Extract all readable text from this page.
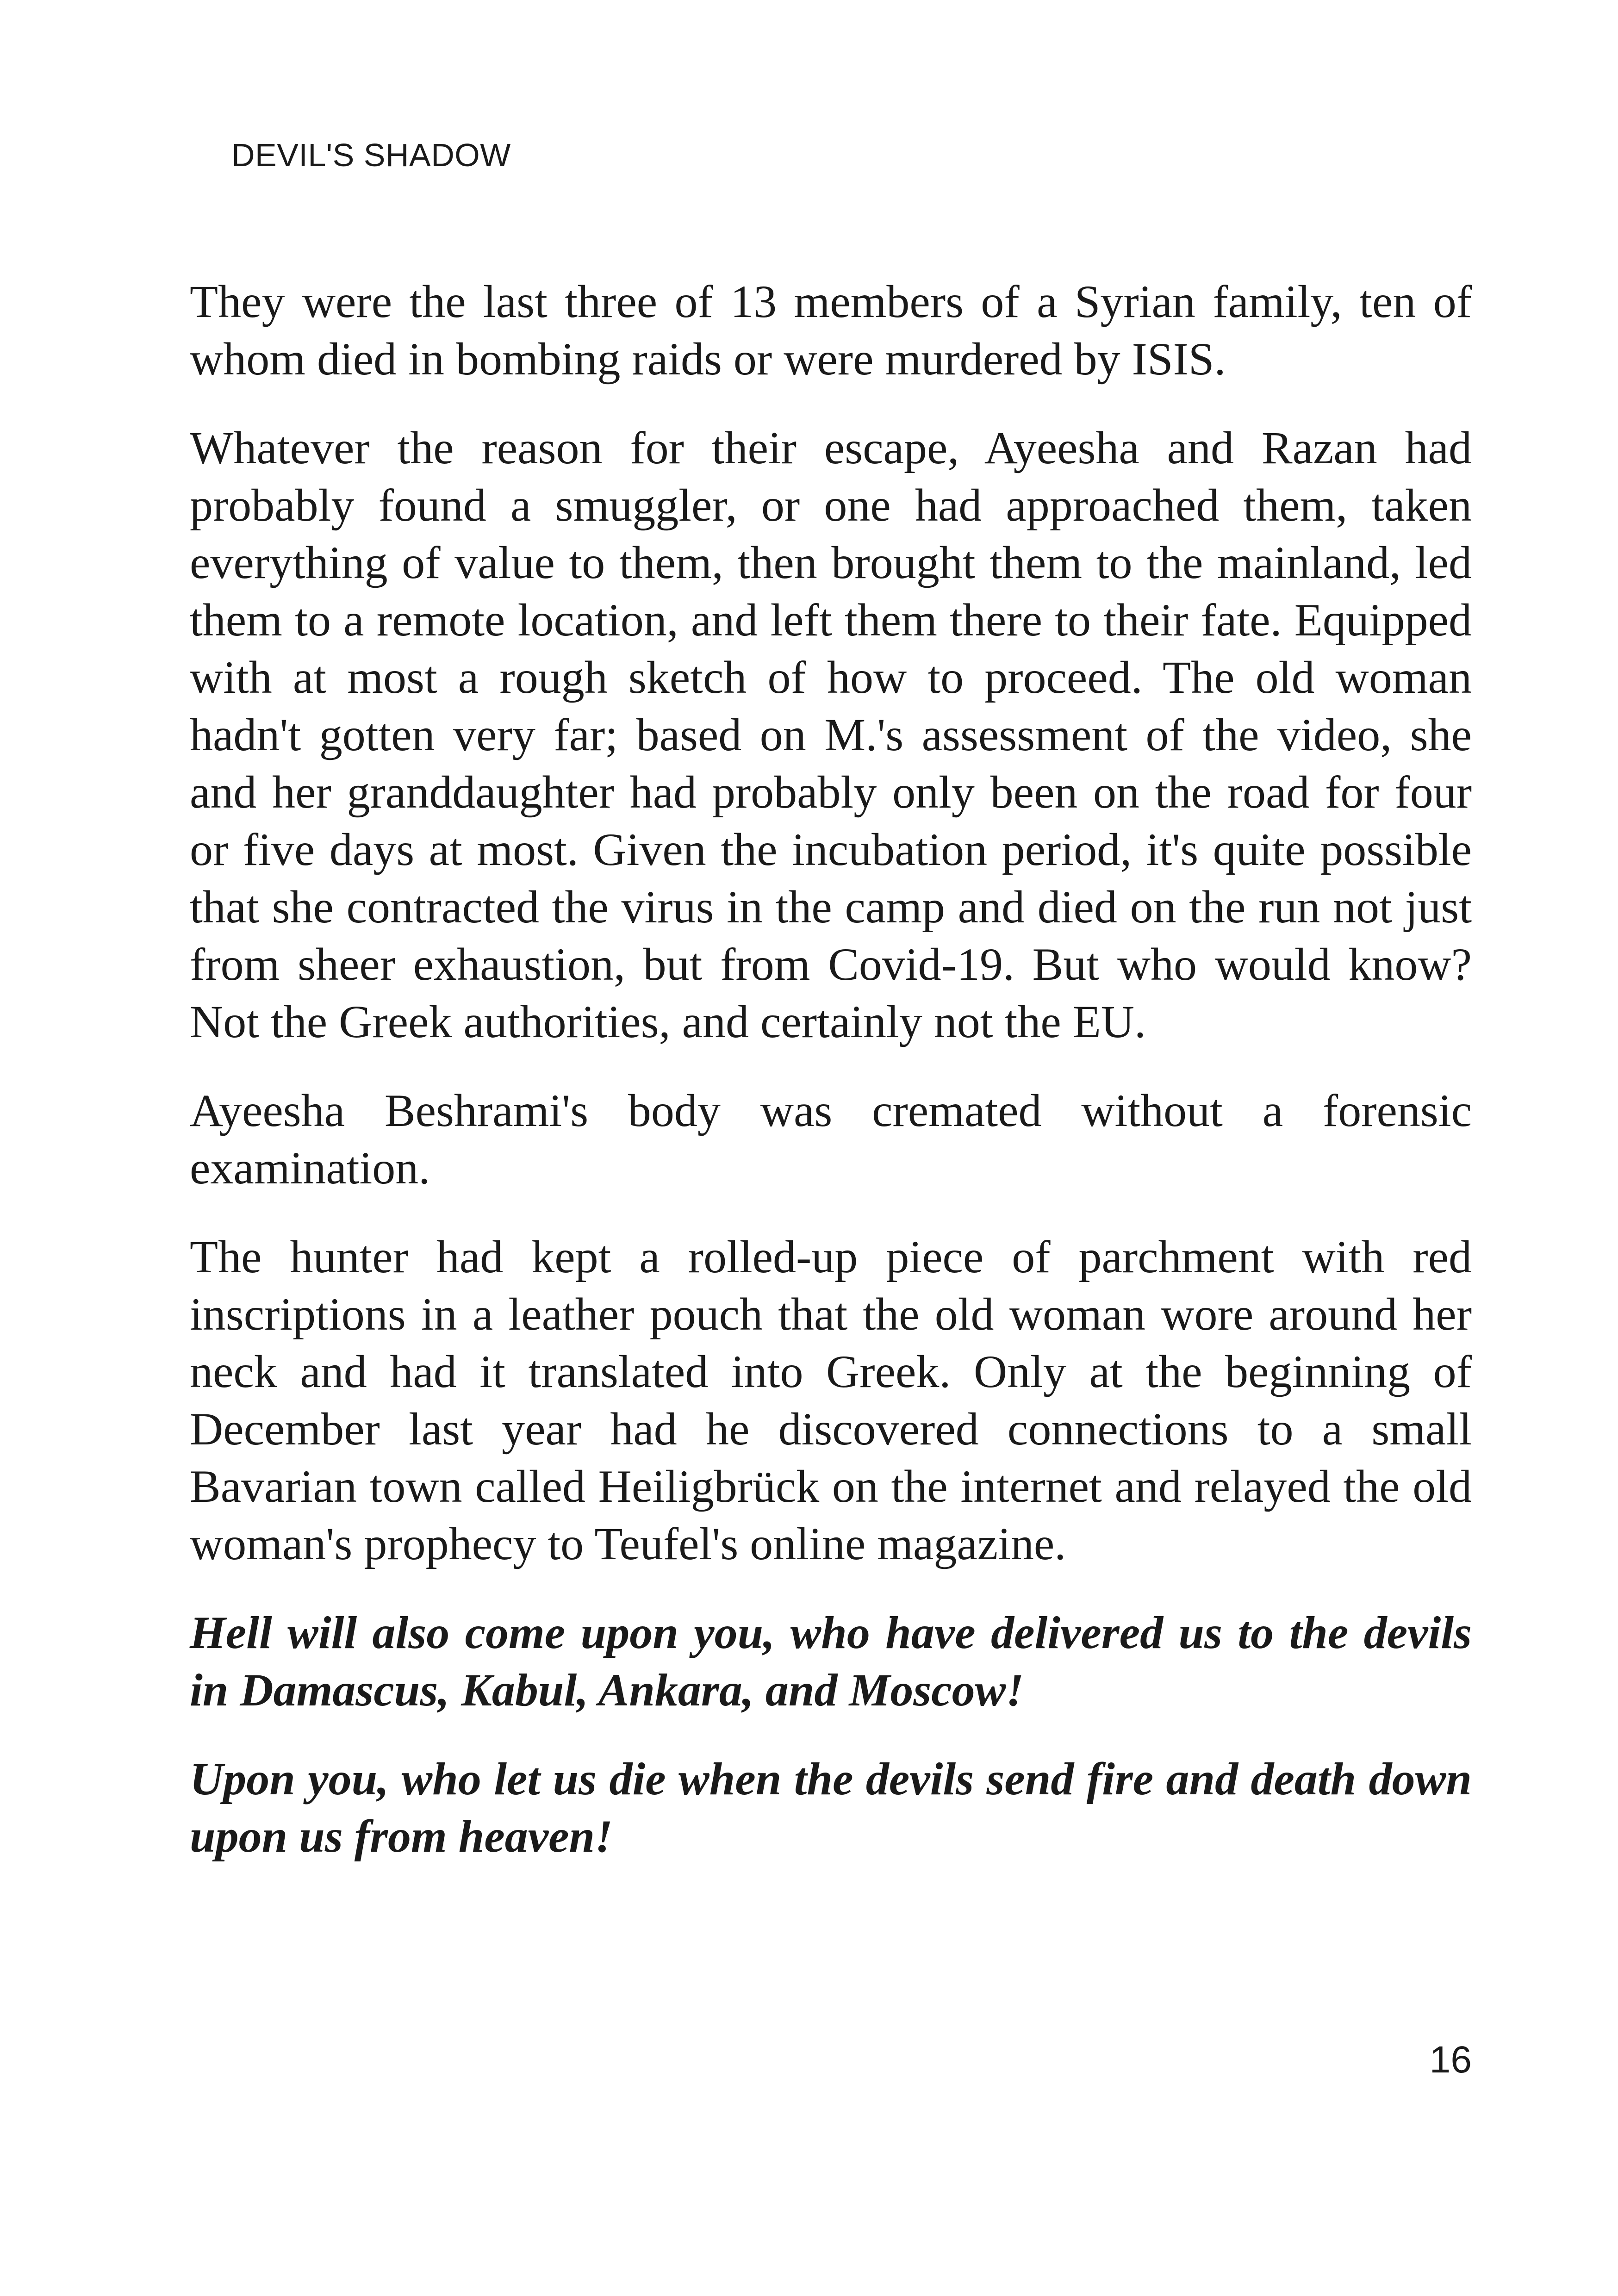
DEVIL'S SHADOW

They were the last three of 13 members of a Syrian family, ten of whom died in bombing raids or were murdered by ISIS.

Whatever the reason for their escape, Ayeesha and Razan had probably found a smuggler, or one had approached them, taken everything of value to them, then brought them to the mainland, led them to a remote location, and left them there to their fate. Equipped with at most a rough sketch of how to proceed. The old woman hadn't gotten very far; based on M.'s assessment of the video, she and her granddaughter had probably only been on the road for four or five days at most. Given the incubation period, it's quite possible that she contracted the virus in the camp and died on the run not just from sheer exhaustion, but from Covid-19. But who would know? Not the Greek authorities, and certainly not the EU.

Ayeesha Beshrami's body was cremated without a forensic examination.

The hunter had kept a rolled-up piece of parchment with red inscriptions in a leather pouch that the old woman wore around her neck and had it translated into Greek. Only at the beginning of December last year had he discovered connections to a small Bavarian town called Heiligbrück on the internet and relayed the old woman's prophecy to Teufel's online magazine.

Hell will also come upon you, who have delivered us to the devils in Damascus, Kabul, Ankara, and Moscow!

Upon you, who let us die when the devils send fire and death down upon us from heaven!

16
